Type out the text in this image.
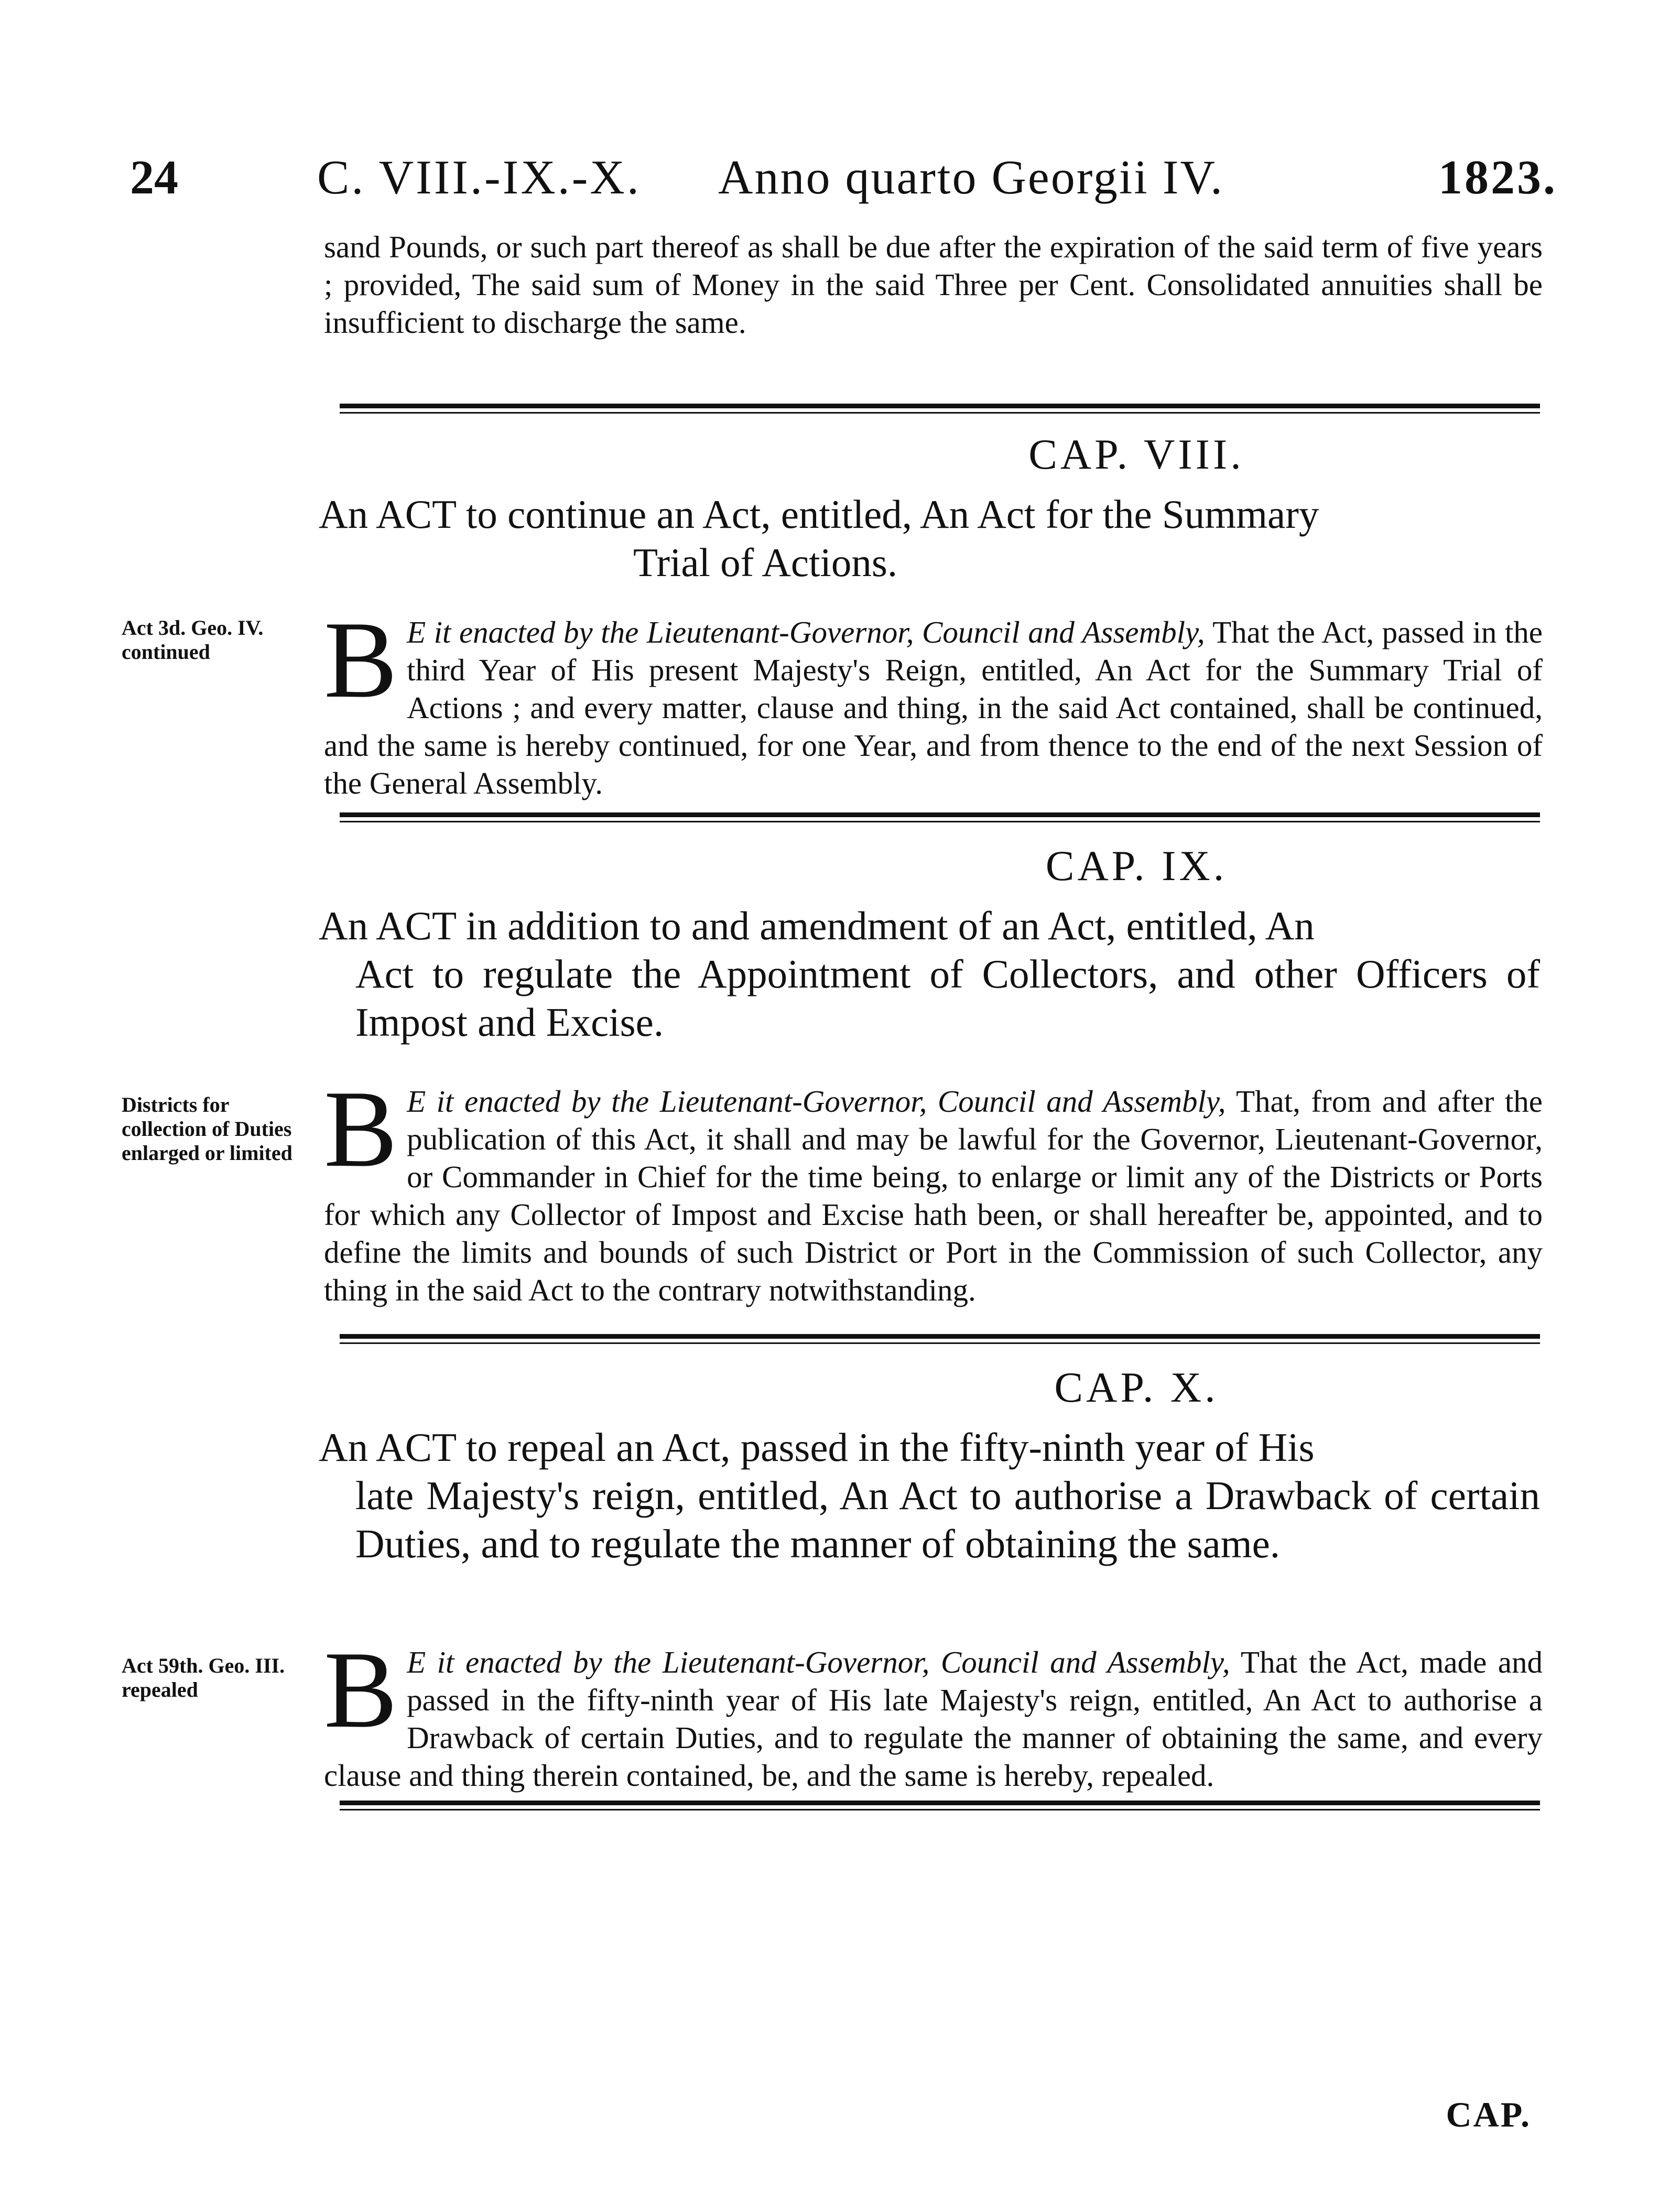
24	C. VIII.-IX.-X. Anno quarto Georgii IV.	1823.
sand Pounds, or such part thereof as shall be due after the expiration of the said term of five years ; provided, The said sum of Money in the said Three per Cent. Consolidated annuities shall be insufficient to discharge the same.
CAP. VIII.
An ACT to continue an Act, entitled, An Act for the Summary
Trial of Actions.
Act 3d. Geo. IV. continued	B E it enacted by the Lieutenant-Governor, Council and Assembly, That the Act, passed in the third Year of His present Majesty's Reign, entitled, An Act for the Summary Trial of Actions ; and every matter, clause and thing, in the said Act contained, shall be continued, and the same is hereby continued, for one Year, and from thence to the end of the next Session of the General Assembly.
CAP. IX.
An ACT in addition to and amendment of an Act, entitled, An
Act to regulate the Appointment of Collectors, and other Officers of Impost and Excise.
Districts for collection of Duties enlarged or limited B E it enacted by the Lieutenant-Governor, Council and Assembly, That, from and after the publication of this Act, it shall and may be lawful for the Governor, Lieutenant-Governor, or Commander in Chief for the time being, to enlarge or limit any of the Districts or Ports for which any Collector of Impost and Excise hath been, or shall hereafter be, appointed, and to define the limits and bounds of such District or Port in the Commission of such Collector, any thing in the said Act to the contrary notwithstanding.
CAP. X.
An ACT to repeal an Act, passed in the fifty-ninth year of His
late Majesty's reign, entitled, An Act to authorise a Drawback of certain Duties, and to regulate the manner of obtaining the same.
Act 59th. Geo. III. repealed	B E it enacted by the Lieutenant-Governor, Council and Assembly, That the Act, made and passed in the fifty-ninth year of His late Majesty's reign, entitled, An Act to authorise a Drawback of certain Duties, and to regulate the manner of obtaining the same, and every clause and thing therein contained, be, and the same is hereby, repealed.
CAP.
